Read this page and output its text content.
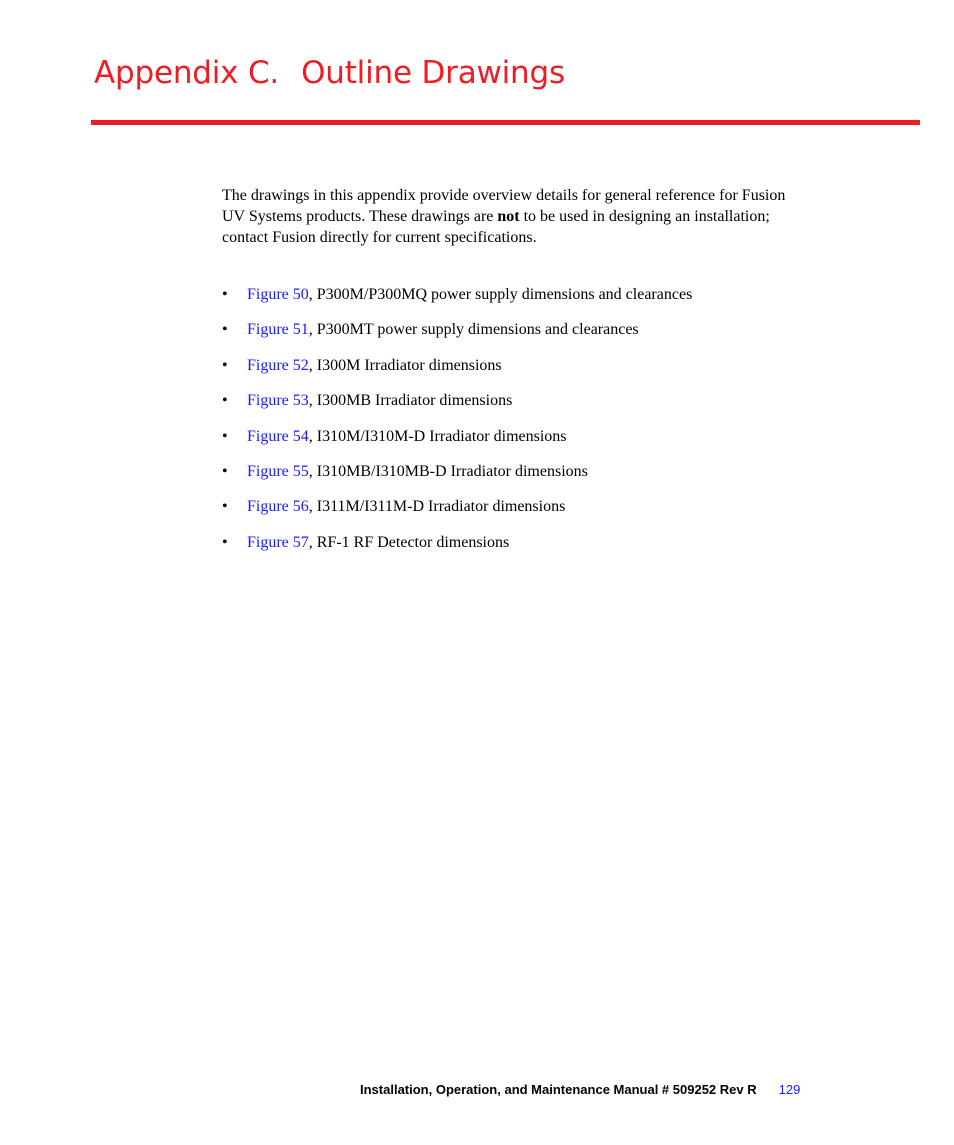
Appendix C. Outline Drawings

The drawings in this appendix provide overview details for general reference for Fusion UV Systems products. These drawings are not to be used in designing an installation; contact Fusion directly for current specifications.

• Figure 50, P300M/P300MQ power supply dimensions and clearances
• Figure 51, P300MT power supply dimensions and clearances
• Figure 52, I300M Irradiator dimensions
• Figure 53, I300MB Irradiator dimensions
• Figure 54, I310M/I310M-D Irradiator dimensions
• Figure 55, I310MB/I310MB-D Irradiator dimensions
• Figure 56, I311M/I311M-D Irradiator dimensions
• Figure 57, RF-1 RF Detector dimensions
Installation, Operation, and Maintenance Manual # 509252 Rev R 129
